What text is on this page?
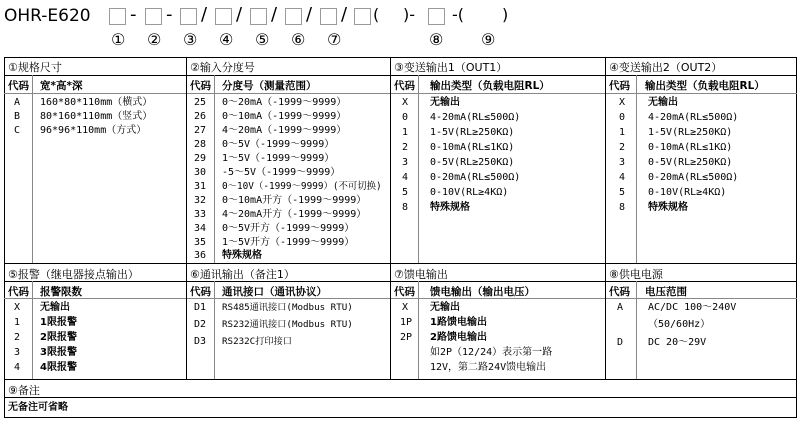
OHR-E620 - - / / / / / ( )- -( )
① ② ③ ④ ⑤ ⑥ ⑦	⑧ ⑨
①规格尺寸
代码 宽*高*深
A 160*80*110mm（横式）
B 80*160*110mm（竖式）
C 96*96*110mm（方式）
②输入分度号
代码 分度号（测量范围）
25 0～20mA（-1999～9999）
26 0～10mA（-1999～9999）
27 4～20mA（-1999～9999）
28 0～5V（-1999～9999）
29 1～5V（-1999～9999）
30 -5～5V（-1999～9999）
31 0～10V（-1999～9999）(不可切换)
32 0～10mA开方（-1999～9999）
33 4～20mA开方（-1999～9999）
34 0～5V开方（-1999～9999）
35 1～5V开方（-1999～9999）
36 特殊规格
③变送输出1（OUT1）
代码 输出类型（负载电阻RL）
X 无输出
0 4-20mA(RL≤500Ω)
1 1-5V(RL≥250KΩ)
2 0-10mA(RL≤1KΩ)
3 0-5V(RL≥250KΩ)
4 0-20mA(RL≤500Ω)
5 0-10V(RL≥4KΩ)
8 特殊规格
④变送输出2（OUT2）
代码 输出类型（负载电阻RL）
X 无输出
0 4-20mA(RL≤500Ω)
1 1-5V(RL≥250KΩ)
2 0-10mA(RL≤1KΩ)
3 0-5V(RL≥250KΩ)
4 0-20mA(RL≤500Ω)
5 0-10V(RL≥4KΩ)
8 特殊规格
⑤报警（继电器接点输出）
代码 报警限数
X 无输出
1 1限报警
2 2限报警
3 3限报警
4 4限报警
⑥通讯输出（备注1）
代码 通讯接口（通讯协议）
D1 RS485通讯接口(Modbus RTU)
D2 RS232通讯接口(Modbus RTU)
D3 RS232C打印接口
⑦馈电输出
代码 馈电输出（输出电压）
X 无输出
1P 1路馈电输出
2P 2路馈电输出
如2P（12/24）表示第一路
12V，第二路24V馈电输出
⑧供电电源
代码 电压范围
A AC/DC 100～240V
（50/60Hz）
D DC 20～29V
⑨备注
无备注可省略
